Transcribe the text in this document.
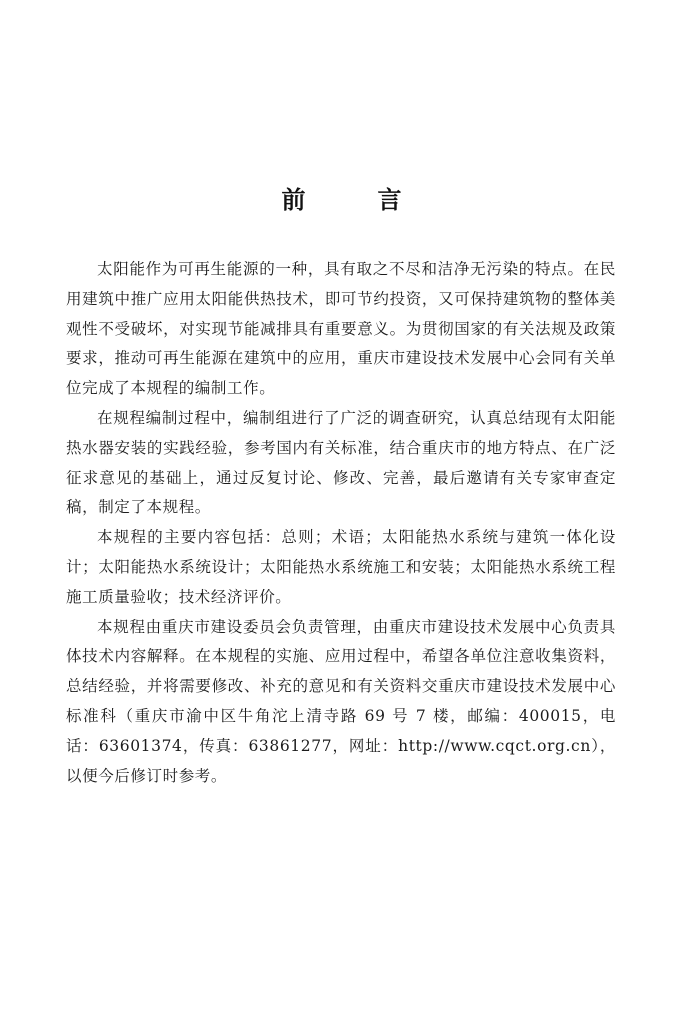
前　言

太阳能作为可再生能源的一种，具有取之不尽和洁净无污染的特点。在民用建筑中推广应用太阳能供热技术，即可节约投资，又可保持建筑物的整体美观性不受破坏，对实现节能减排具有重要意义。为贯彻国家的有关法规及政策要求，推动可再生能源在建筑中的应用，重庆市建设技术发展中心会同有关单位完成了本规程的编制工作。

在规程编制过程中，编制组进行了广泛的调查研究，认真总结现有太阳能热水器安装的实践经验，参考国内有关标准，结合重庆市的地方特点、在广泛征求意见的基础上，通过反复讨论、修改、完善，最后邀请有关专家审查定稿，制定了本规程。

本规程的主要内容包括：总则；术语；太阳能热水系统与建筑一体化设计；太阳能热水系统设计；太阳能热水系统施工和安装；太阳能热水系统工程施工质量验收；技术经济评价。

本规程由重庆市建设委员会负责管理，由重庆市建设技术发展中心负责具体技术内容解释。在本规程的实施、应用过程中，希望各单位注意收集资料，总结经验，并将需要修改、补充的意见和有关资料交重庆市建设技术发展中心标准科（重庆市渝中区牛角沱上清寺路 69 号 7 楼，邮编：400015，电话：63601374，传真：63861277，网址：http://www.cqct.org.cn），以便今后修订时参考。
